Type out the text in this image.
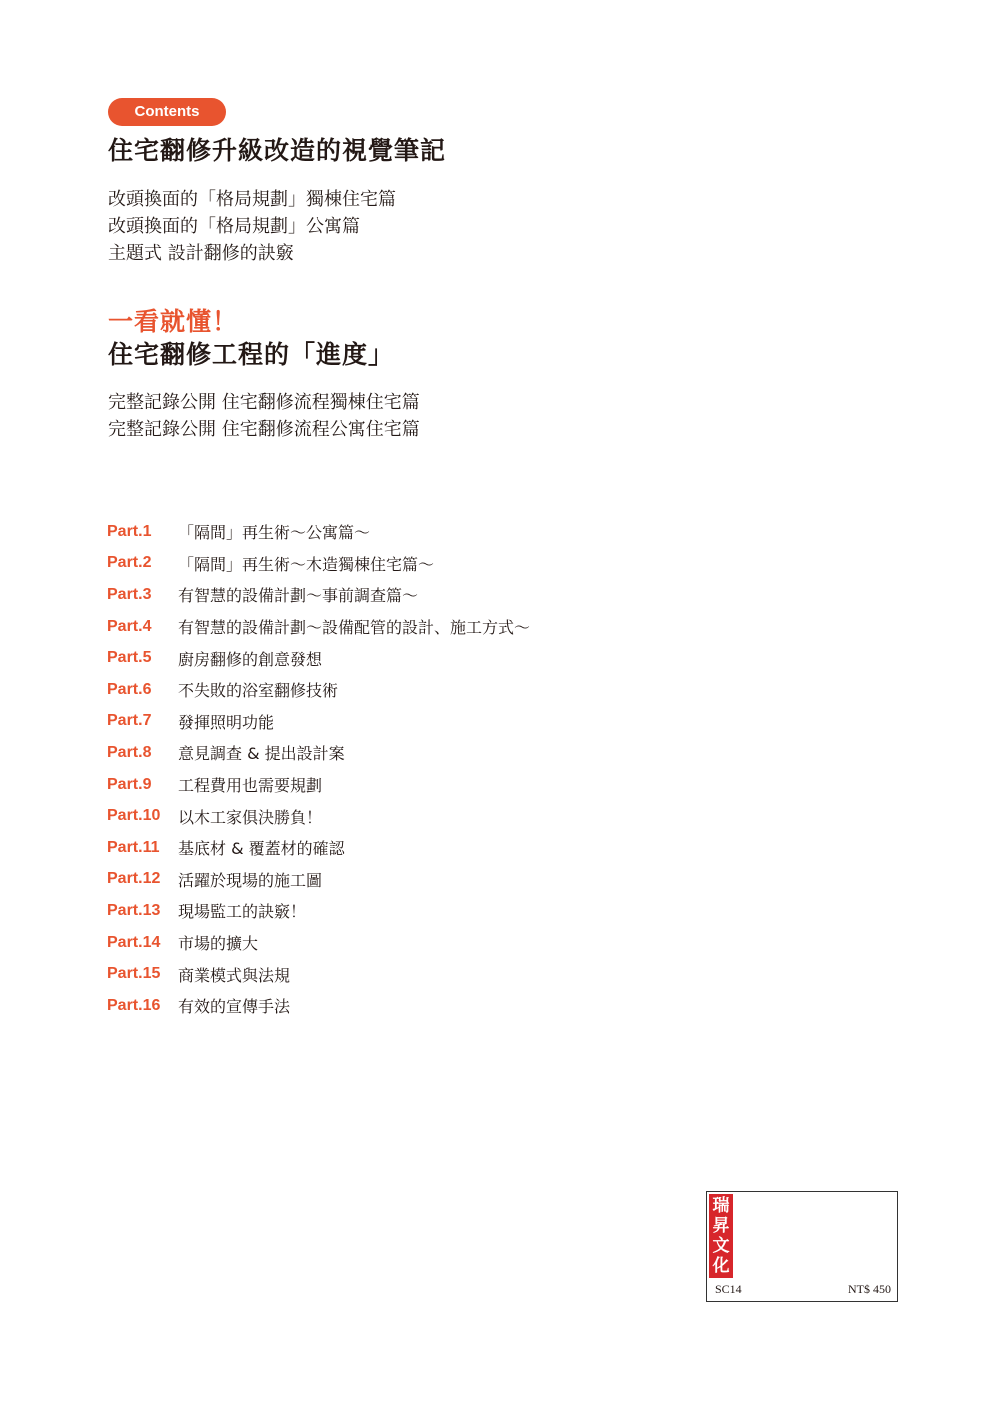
Contents
住宅翻修升級改造的視覺筆記
改頭換面的「格局規劃」獨棟住宅篇
改頭換面的「格局規劃」公寓篇
主題式 設計翻修的訣竅
一看就懂！
住宅翻修工程的「進度」
完整記錄公開 住宅翻修流程獨棟住宅篇
完整記錄公開 住宅翻修流程公寓住宅篇
Part.1	「隔間」再生術～公寓篇～
Part.2	「隔間」再生術～木造獨棟住宅篇～
Part.3	有智慧的設備計劃～事前調查篇～
Part.4	有智慧的設備計劃～設備配管的設計、施工方式～
Part.5	廚房翻修的創意發想
Part.6	不失敗的浴室翻修技術
Part.7	發揮照明功能
Part.8	意見調查 & 提出設計案
Part.9	工程費用也需要規劃
Part.10	以木工家俱決勝負！
Part.11	基底材 & 覆蓋材的確認
Part.12	活躍於現場的施工圖
Part.13	現場監工的訣竅！
Part.14	市場的擴大
Part.15	商業模式與法規
Part.16	有效的宣傳手法
瑞
昇
文
化
SC14	NT$ 450
